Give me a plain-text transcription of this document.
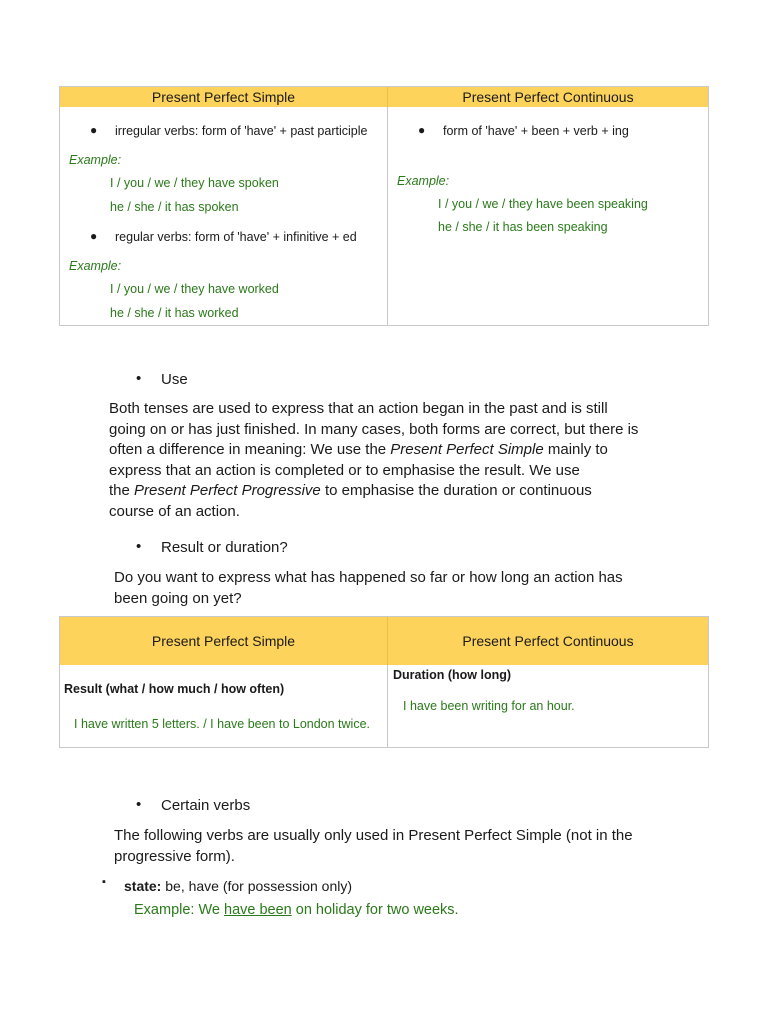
Present Perfect Simple	Present Perfect Continuous
● irregular verbs: form of 'have' + past participle
Example:
I / you / we / they have spoken
he / she / it has spoken
● regular verbs: form of 'have' + infinitive + ed
Example:
I / you / we / they have worked
he / she / it has worked
● form of 'have' + been + verb + ing
Example:
I / you / we / they have been speaking
he / she / it has been speaking
• Use
Both tenses are used to express that an action began in the past and is still
going on or has just finished. In many cases, both forms are correct, but there is
often a difference in meaning: We use the Present Perfect Simple mainly to
express that an action is completed or to emphasise the result. We use
the Present Perfect Progressive to emphasise the duration or continuous
course of an action.
• Result or duration?
Do you want to express what has happened so far or how long an action has
been going on yet?
Present Perfect Simple	Present Perfect Continuous
Result (what / how much / how often)
I have written 5 letters. / I have been to London twice.
Duration (how long)
I have been writing for an hour.
• Certain verbs
The following verbs are usually only used in Present Perfect Simple (not in the
progressive form).
▪ state: be, have (for possession only)
Example: We have been on holiday for two weeks.
